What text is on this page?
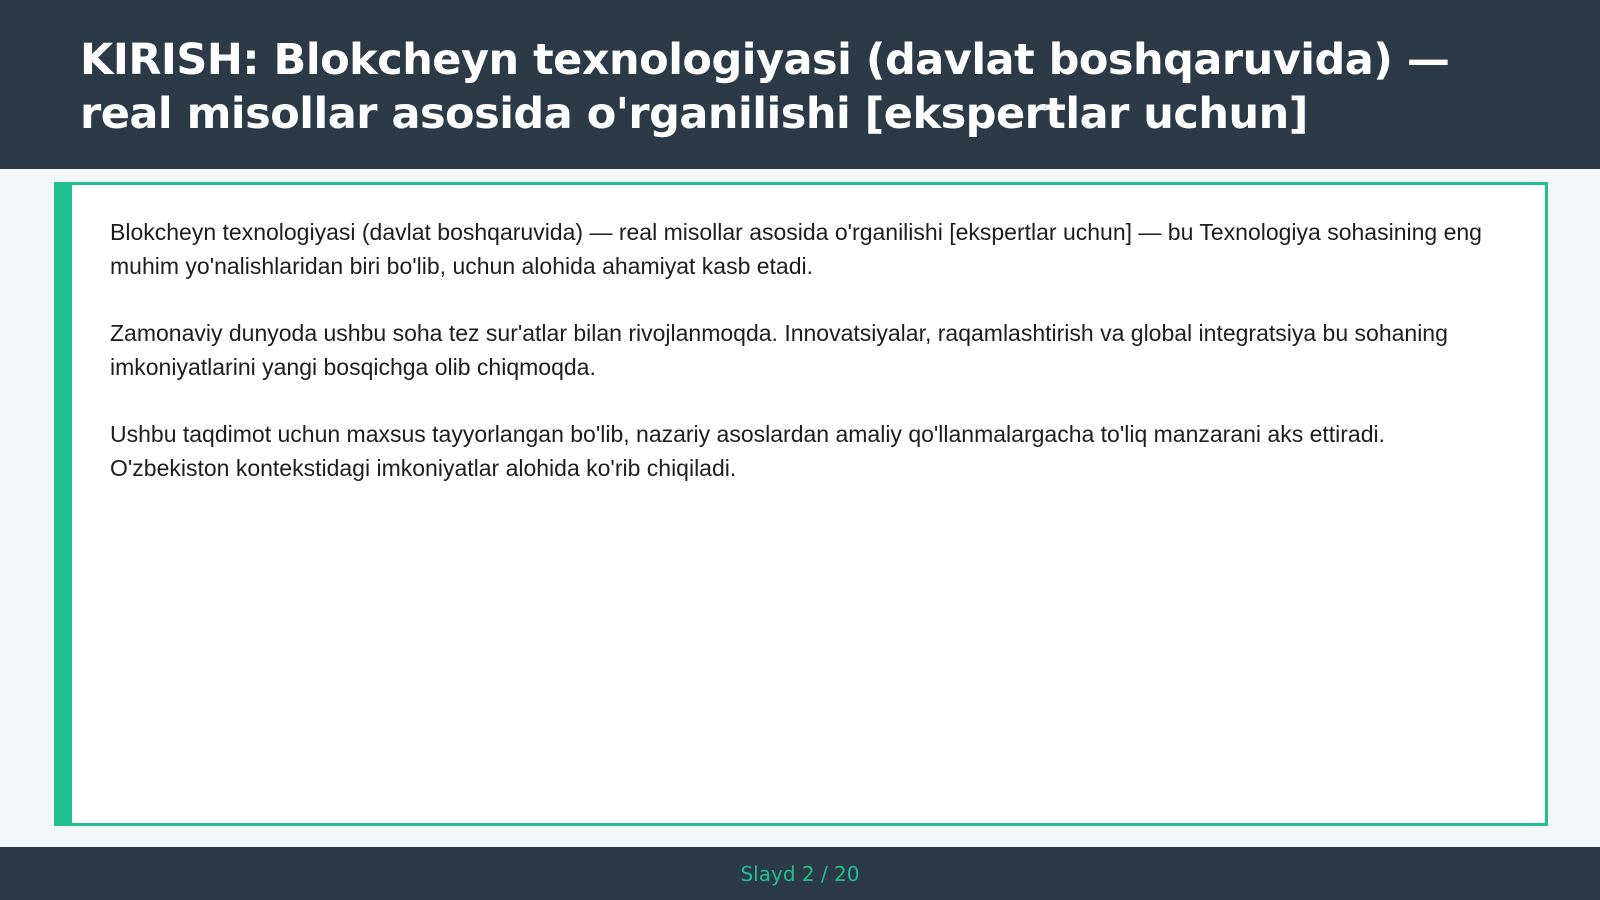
KIRISH: Blokcheyn texnologiyasi (davlat boshqaruvida) — real misollar asosida o'rganilishi [ekspertlar uchun]

Blokcheyn texnologiyasi (davlat boshqaruvida) — real misollar asosida o'rganilishi [ekspertlar uchun] — bu Texnologiya sohasining eng muhim yo'nalishlaridan biri bo'lib, uchun alohida ahamiyat kasb etadi.

Zamonaviy dunyoda ushbu soha tez sur'atlar bilan rivojlanmoqda. Innovatsiyalar, raqamlashtirish va global integratsiya bu sohaning imkoniyatlarini yangi bosqichga olib chiqmoqda.

Ushbu taqdimot uchun maxsus tayyorlangan bo'lib, nazariy asoslardan amaliy qo'llanmalargacha to'liq manzarani aks ettiradi. O'zbekiston kontekstidagi imkoniyatlar alohida ko'rib chiqiladi.

Slayd 2 / 20
